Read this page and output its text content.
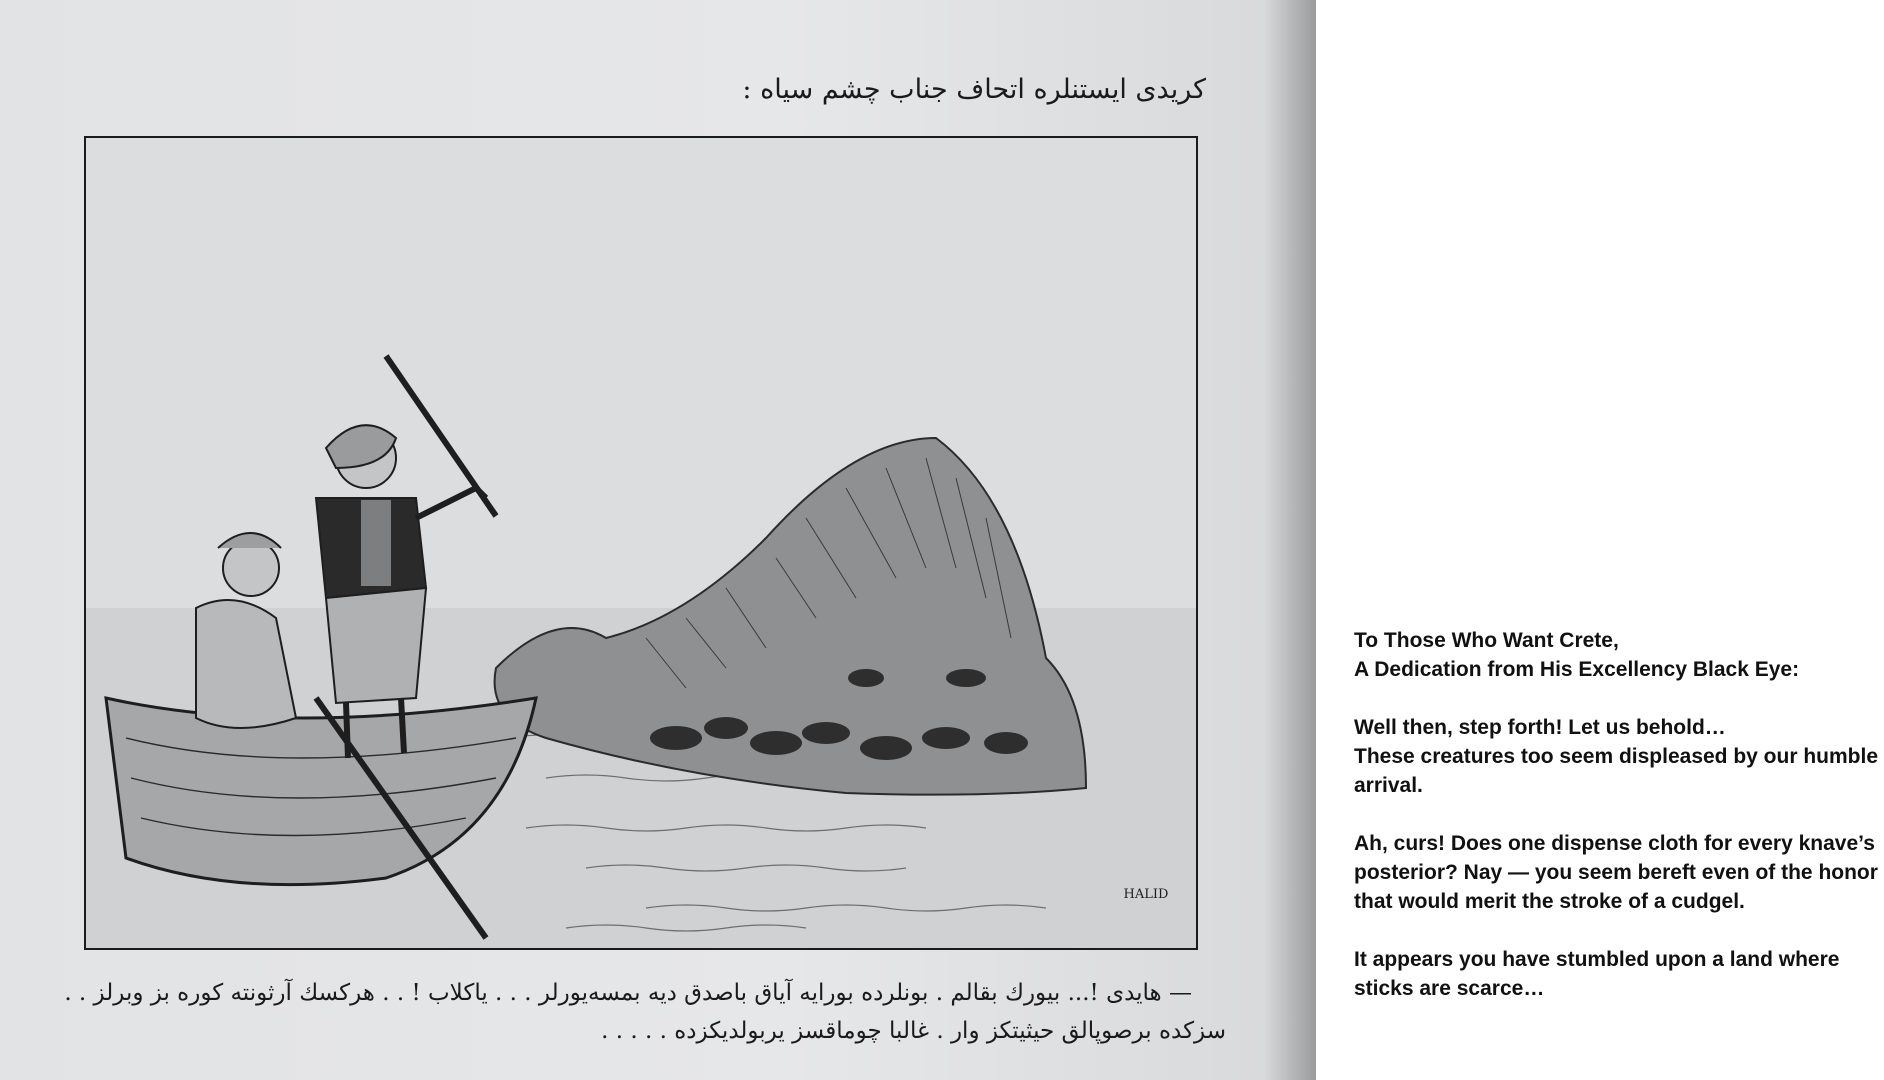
كريدى ايستنلره اتحاف جناب چشم سياه :
HALID
— هايدى !... بيورك بقالم . بونلرده بورايه آياق باصدق ديه بمسه‌يورلر . . . ياكلاب ! . . هركسك آرثونته كوره بز وبرلز . .
سزكده برصوپالق حيثيتكز وار . غالبا چوماقسز يربولديكزده . . . . .

To Those Who Want Crete,
A Dedication from His Excellency Black Eye:

Well then, step forth! Let us behold…
These creatures too seem displeased by our humble arrival.

Ah, curs! Does one dispense cloth for every knave’s posterior? Nay — you seem bereft even of the honor that would merit the stroke of a cudgel.

It appears you have stumbled upon a land where sticks are scarce…
